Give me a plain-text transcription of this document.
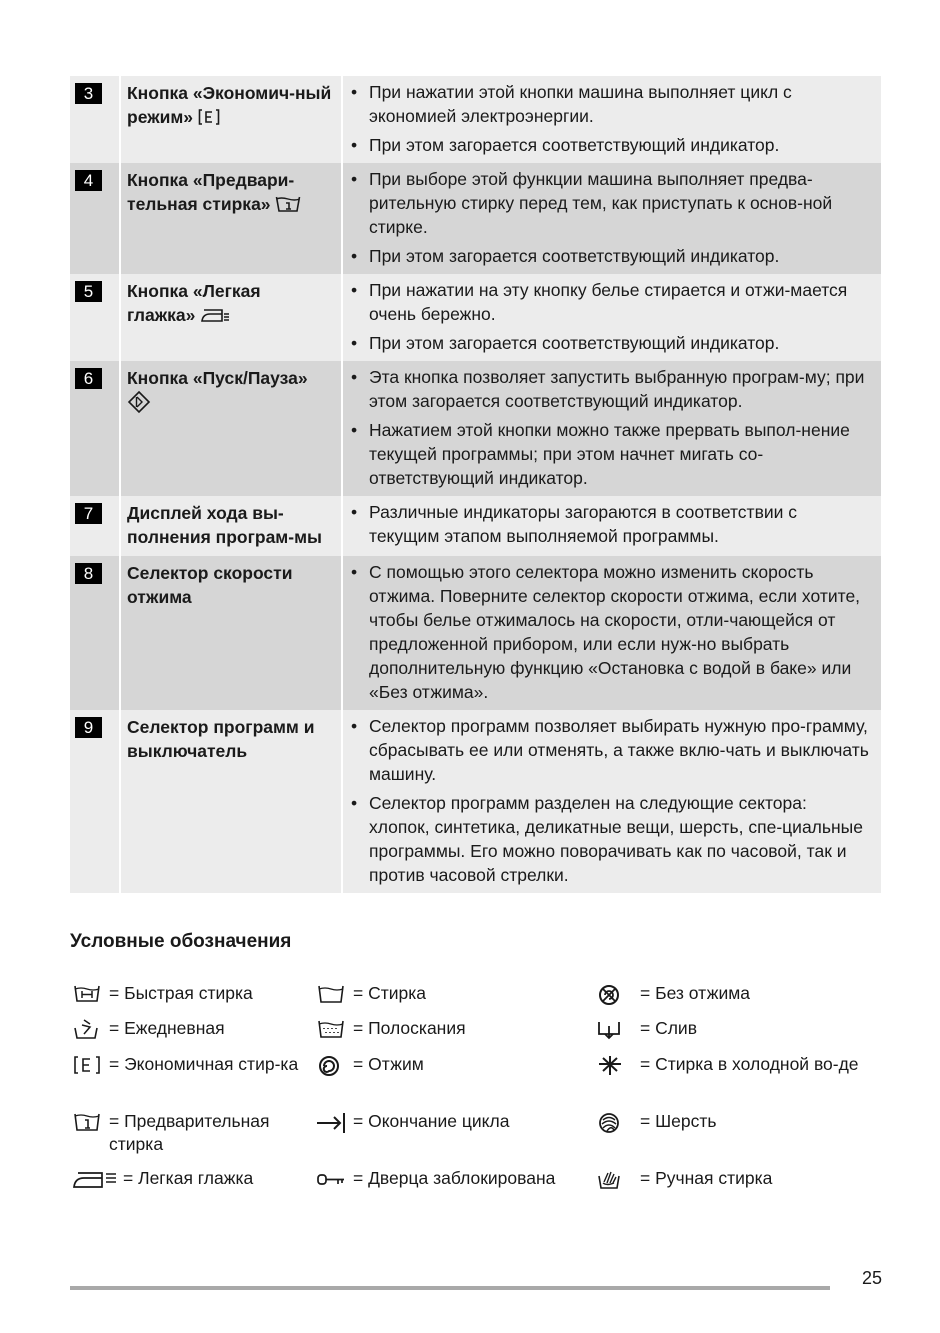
3	Кнопка «Экономич-ный режим»
• При нажатии этой кнопки машина выполняет цикл с экономией электроэнергии.
• При этом загорается соответствующий индикатор.
4	Кнопка «Предвари-тельная стирка»
• При выборе этой функции машина выполняет предва-рительную стирку перед тем, как приступать к основ-ной стирке.
• При этом загорается соответствующий индикатор.
5	Кнопка «Легкая глажка»
• При нажатии на эту кнопку белье стирается и отжи-мается очень бережно.
• При этом загорается соответствующий индикатор.
6	Кнопка «Пуск/Пауза»

•	Эта кнопка позволяет запустить выбранную програм-му; при этом загорается соответствующий индикатор.
• Нажатием этой кнопки можно также прервать выпол-нение текущей программы; при этом начнет мигать со-ответствующий индикатор.
7	Дисплей хода вы-полнения програм-мы
• Различные индикаторы загораются в соответствии с текущим этапом выполняемой программы.
8	Селектор скорости отжима
• С помощью этого селектора можно изменить скорость отжима. Поверните селектор скорости отжима, если хотите, чтобы белье отжималось на скорости, отли-чающейся от предложенной прибором, или если нуж-но выбрать дополнительную функцию «Остановка с водой в баке» или «Без отжима».
9	Селектор программ и выключатель
• Селектор программ позволяет выбирать нужную про-грамму, сбрасывать ее или отменять, а также вклю-чать и выключать машину.
• Селектор программ разделен на следующие сектора: хлопок, синтетика, деликатные вещи, шерсть, спе-циальные программы. Его можно поворачивать как по часовой, так и против часовой стрелки.
Условные обозначения
= Быстрая стирка
= Ежедневная
= Экономичная стир-ка
= Предварительная стирка
= Легкая глажка
= Стирка
= Полоскания
= Отжим
= Окончание цикла
= Дверца заблокирована
= Без отжима
= Слив
= Стирка в холодной во-де
= Шерсть
= Ручная стирка
25
